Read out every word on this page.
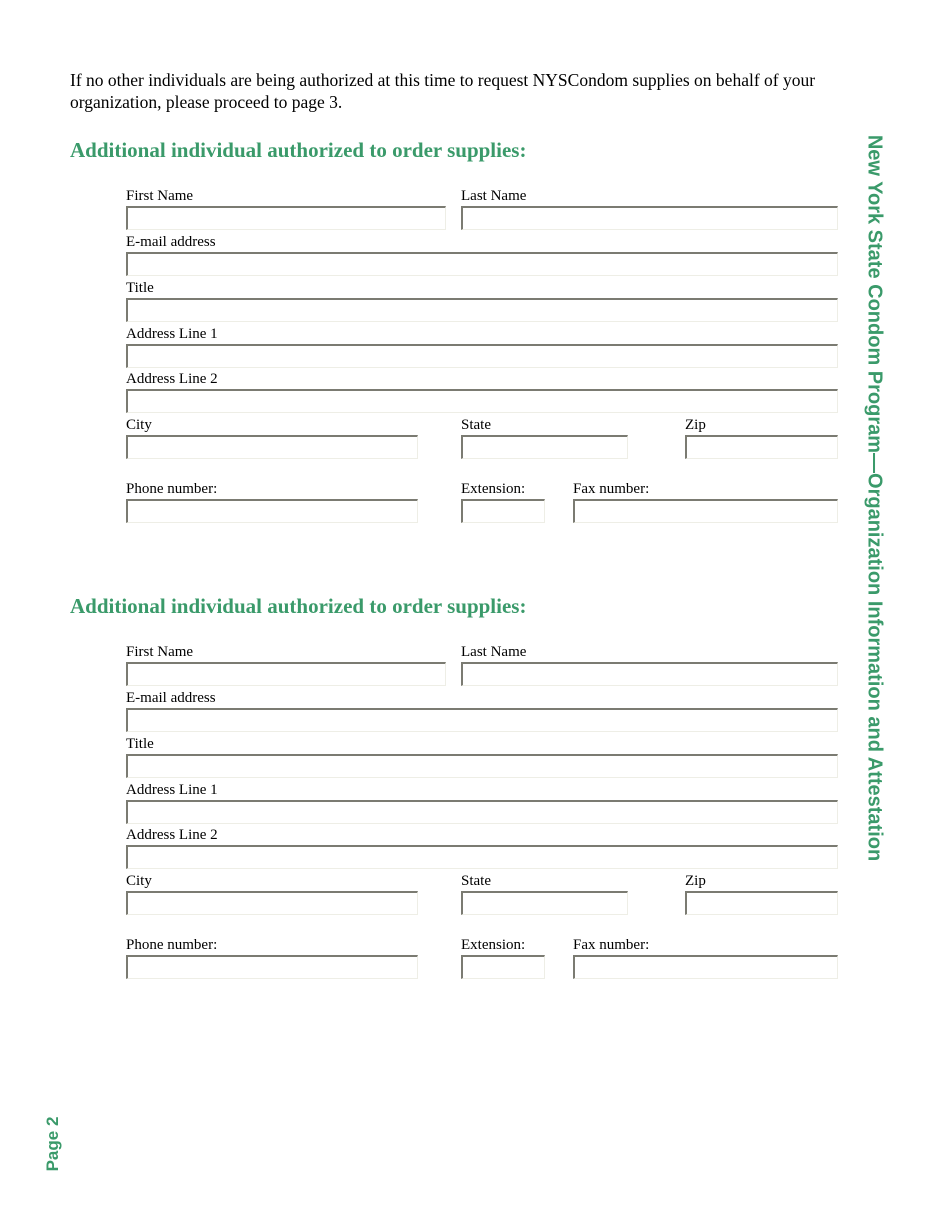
If no other individuals are being authorized at this time to request NYSCondom supplies on behalf of your organization, please proceed to page 3.

Additional individual authorized to order supplies:
First Name	Last Name
E-mail address
Title
Address Line 1
Address Line 2
City	State	Zip
Phone number:	Extension:	Fax number:
Additional individual authorized to order supplies:
First Name	Last Name
E-mail address
Title
Address Line 1
Address Line 2
City	State	Zip
Phone number:	Extension:	Fax number:
New York State Condom Program—Organization Information and Attestation
Page 2
